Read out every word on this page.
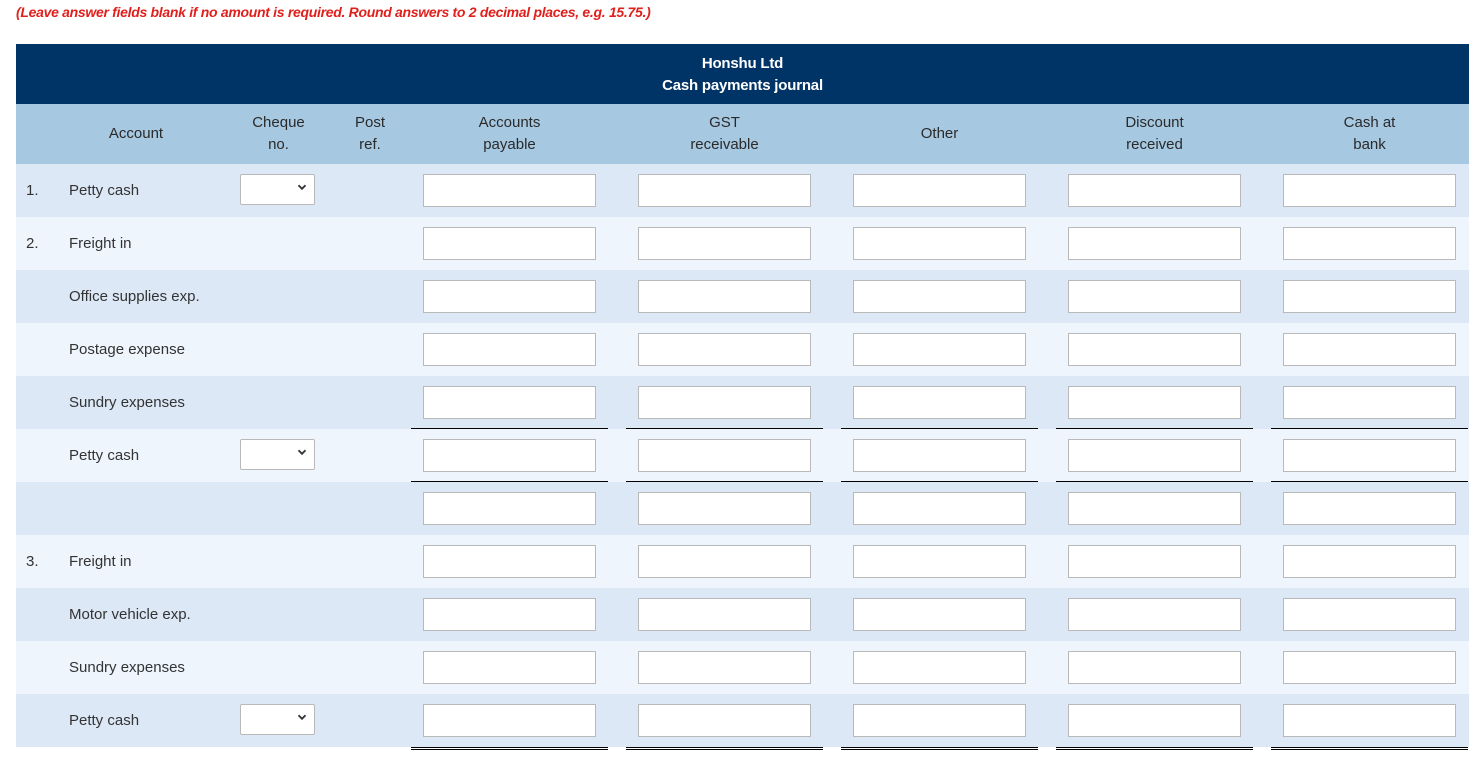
(Leave answer fields blank if no amount is required. Round answers to 2 decimal places, e.g. 15.75.)
Honshu Ltd
Cash payments journal
Account
Cheque
no.
Post
ref.
Accounts
payable
GST
receivable
Other
Discount
received
Cash at
bank
1. Petty cash
2. Freight in
Office supplies exp.
Postage expense
Sundry expenses
Petty cash
3. Freight in
Motor vehicle exp.
Sundry expenses
Petty cash
